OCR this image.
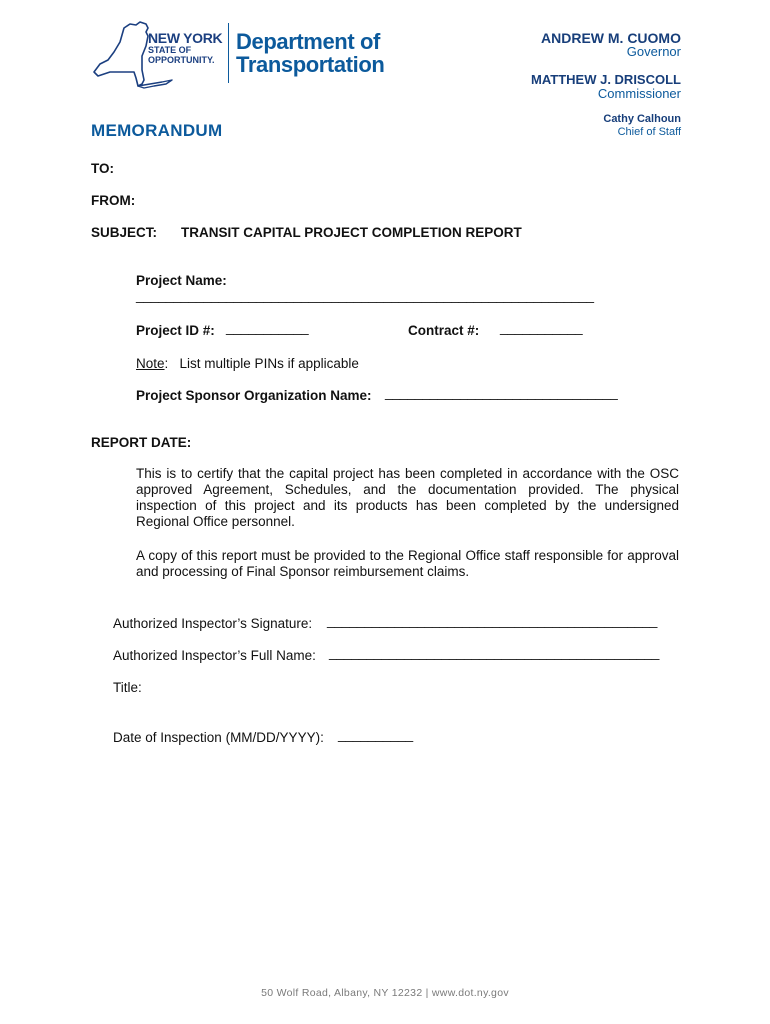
NEW YORK
STATE OF
OPPORTUNITY.
Department of
Transportation
ANDREW M. CUOMO
Governor
MATTHEW J. DRISCOLL
Commissioner
Cathy Calhoun
Chief of Staff
MEMORANDUM
TO:
FROM:
SUBJECT: TRANSIT CAPITAL PROJECT COMPLETION REPORT
Project Name:
_____________________________________________________________
Project ID #: ___________	Contract #: ___________
Note:   List multiple PINs if applicable
Project Sponsor Organization Name: _______________________________
REPORT DATE:
This is to certify that the capital project has been completed in accordance with the OSC approved Agreement, Schedules, and the documentation provided. The physical inspection of this project and its products has been completed by the undersigned Regional Office personnel.
A copy of this report must be provided to the Regional Office staff responsible for approval and processing of Final Sponsor reimbursement claims.
Authorized Inspector’s Signature: ____________________________________________
Authorized Inspector’s Full Name: ____________________________________________
Title:
Date of Inspection (MM/DD/YYYY): __________
50 Wolf Road, Albany, NY 12232 | www.dot.ny.gov
